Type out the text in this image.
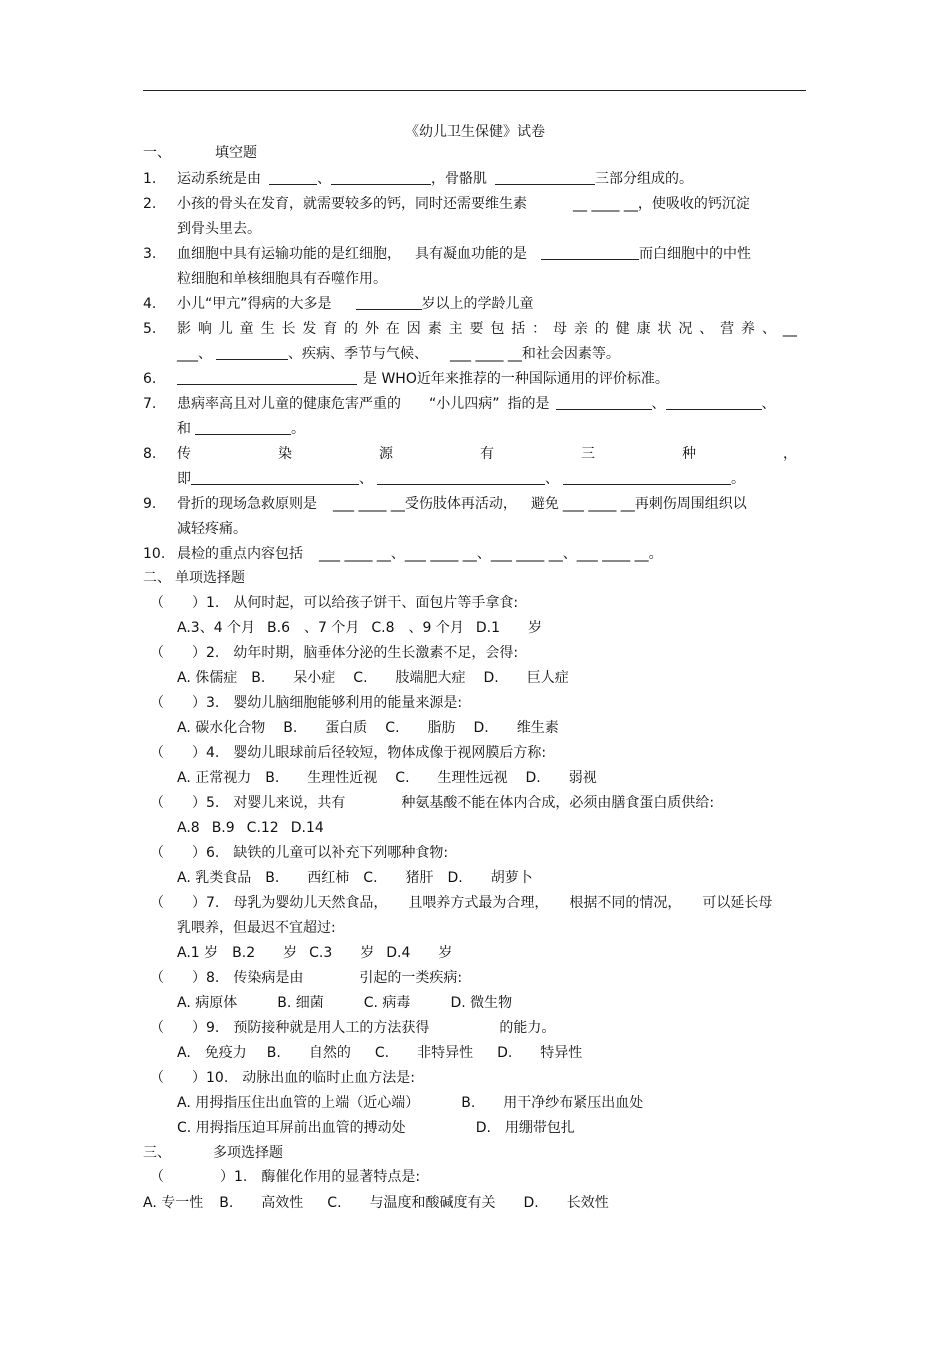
《幼儿卫生保健》试卷
一、	填空题
1. 运动系统是由	、	，骨骼肌	三部分组成的。
2. 小孩的骨头在发育，就需要较多的钙，同时还需要维生素	__ ____ __，使吸收的钙沉淀
到骨头里去。
3. 血细胞中具有运输功能的是红细胞， 具有凝血功能的是	而白细胞中的中性
粒细胞和单核细胞具有吞噬作用。
4. 小儿“甲亢”得病的大多是	岁以上的学龄儿童
5. 影 响 儿 童 生 长 发 育 的 外 在 因 素 主 要 包 括 ： 母 亲 的 健 康 状 况 、 营 养 、 __
___、	、疾病、季节与气候、 ___ ____ __和社会因素等。
6.	是 WHO近年来推荐的一种国际通用的评价标准。
7. 患病率高且对儿童的健康危害严重的 “小儿四病” 指的是	、	、
和	。
8. 传	染	源	有	三	种	，
即	、	、	。
9. 骨折的现场急救原则是 ___ ____ __受伤肢体再活动， 避免 ___ ____ __再刺伤周围组织以
减轻疼痛。
10. 晨检的重点内容包括 ___ ____ __、___ ____ __、___ ____ __、___ ____ __。
二、 单项选择题
（　　）1.　从何时起，可以给孩子饼干、面包片等手拿食:
A.3、4 个月 B.6　、7 个月 C.8　、9 个月 D.1　　岁
（　　）2.　幼年时期，脑垂体分泌的生长激素不足，会得:
A. 侏儒症 B.　　呆小症 C.　　肢端肥大症 D.　　巨人症
（　　）3.　婴幼儿脑细胞能够利用的能量来源是:
A. 碳水化合物 B.　　蛋白质 C.　　脂肪 D.　　维生素
（　　）4.　婴幼儿眼球前后径较短，物体成像于视网膜后方称:
A. 正常视力 B.　　生理性近视 C.　　生理性远视 D.　　弱视
（　　）5.　对婴儿来说，共有　　　　种氨基酸不能在体内合成，必须由膳食蛋白质供给:
A.8 B.9 C.12 D.14
（　　）6.　缺铁的儿童可以补充下列哪种食物:
A. 乳类食品 B.　　西红柿 C.　　猪肝 D.　　胡萝卜
（　　）7.　母乳为婴幼儿天然食品，　　且喂养方式最为合理，　　根据不同的情况，　　可以延长母
乳喂养，但最迟不宜超过:
A.1 岁 B.2　　岁 C.3　　岁 D.4　　岁
（　　）8.　传染病是由　　　　引起的一类疾病:
A. 病原体	B. 细菌	C. 病毒	D. 微生物
（　　）9.　预防接种就是用人工的方法获得　　　　　的能力。
A.　免疫力 B.　　自然的 C.　　非特异性 D.　　特异性
（　　）10.　动脉出血的临时止血方法是:
A. 用拇指压住出血管的上端（近心端）	B.　　用干净纱布紧压出血处
C. 用拇指压迫耳屏前出血管的搏动处	D.　用绷带包扎
三、	多项选择题
（　　　　）1.　酶催化作用的显著特点是:
A. 专一性 B.　　高效性 C.　　与温度和酸碱度有关 D.　　长效性
